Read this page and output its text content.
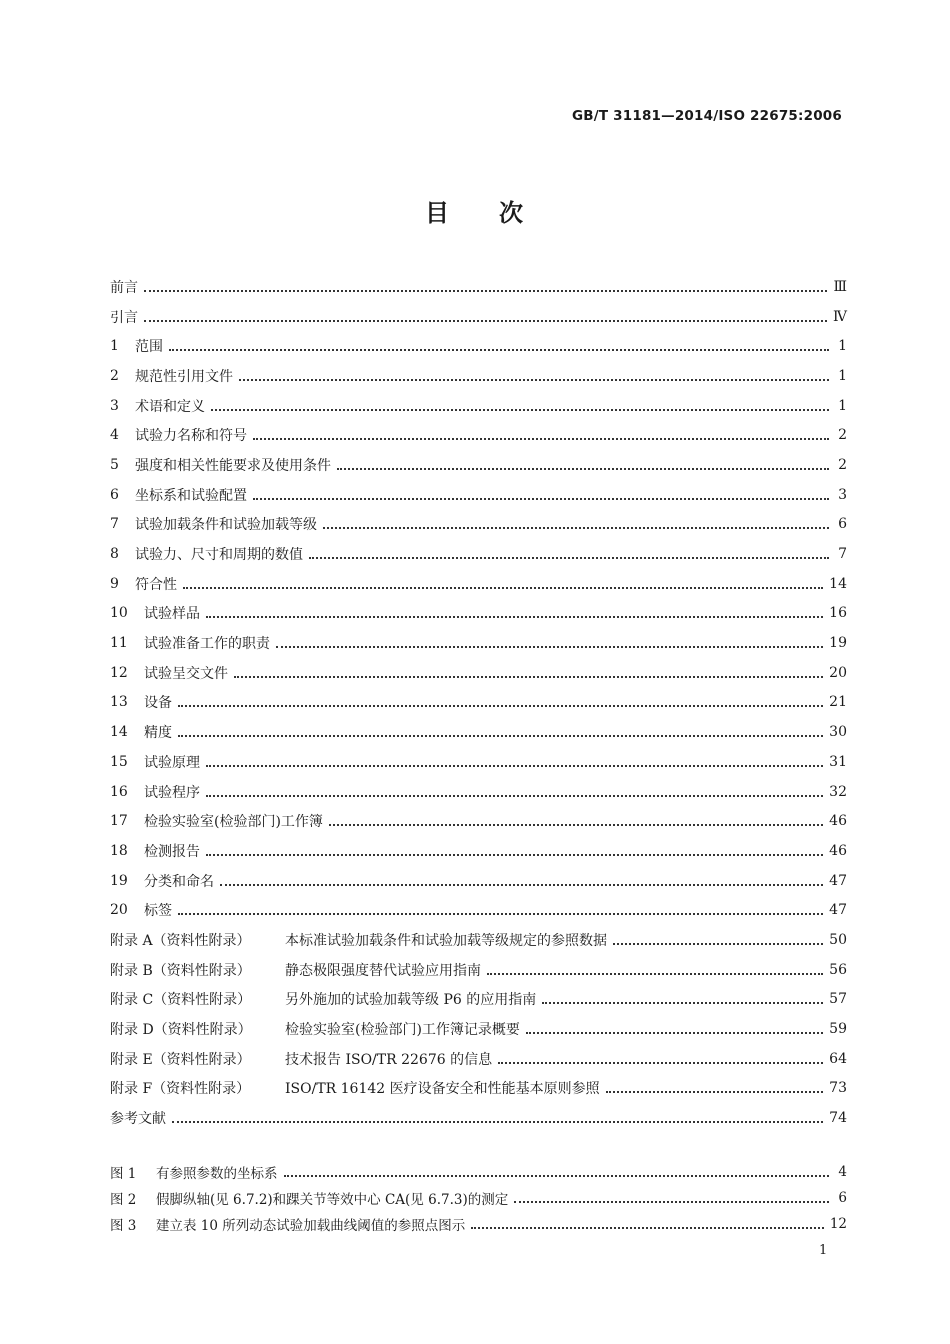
GB/T 31181—2014/ISO 22675:2006
目 次
前言	Ⅲ
引言	Ⅳ
1	范围	1
2	规范性引用文件	1
3	术语和定义	1
4	试验力名称和符号	2
5	强度和相关性能要求及使用条件	2
6	坐标系和试验配置	3
7	试验加载条件和试验加载等级	6
8	试验力、尺寸和周期的数值	7
9	符合性	14
10	试验样品	16
11	试验准备工作的职责	19
12	试验呈交文件	20
13	设备	21
14	精度	30
15	试验原理	31
16	试验程序	32
17	检验实验室(检验部门)工作簿	46
18	检测报告	46
19	分类和命名	47
20	标签	47
附录 A（资料性附录）	本标准试验加载条件和试验加载等级规定的参照数据	50
附录 B（资料性附录）	静态极限强度替代试验应用指南	56
附录 C（资料性附录）	另外施加的试验加载等级 P6 的应用指南	57
附录 D（资料性附录）	检验实验室(检验部门)工作簿记录概要	59
附录 E（资料性附录）	技术报告 ISO/TR 22676 的信息	64
附录 F（资料性附录）	ISO/TR 16142 医疗设备安全和性能基本原则参照	73
参考文献	74
图 1	有参照参数的坐标系	4
图 2	假脚纵轴(见 6.7.2)和踝关节等效中心 CA(见 6.7.3)的测定	6
图 3	建立表 10 所列动态试验加载曲线阈值的参照点图示	12
1
